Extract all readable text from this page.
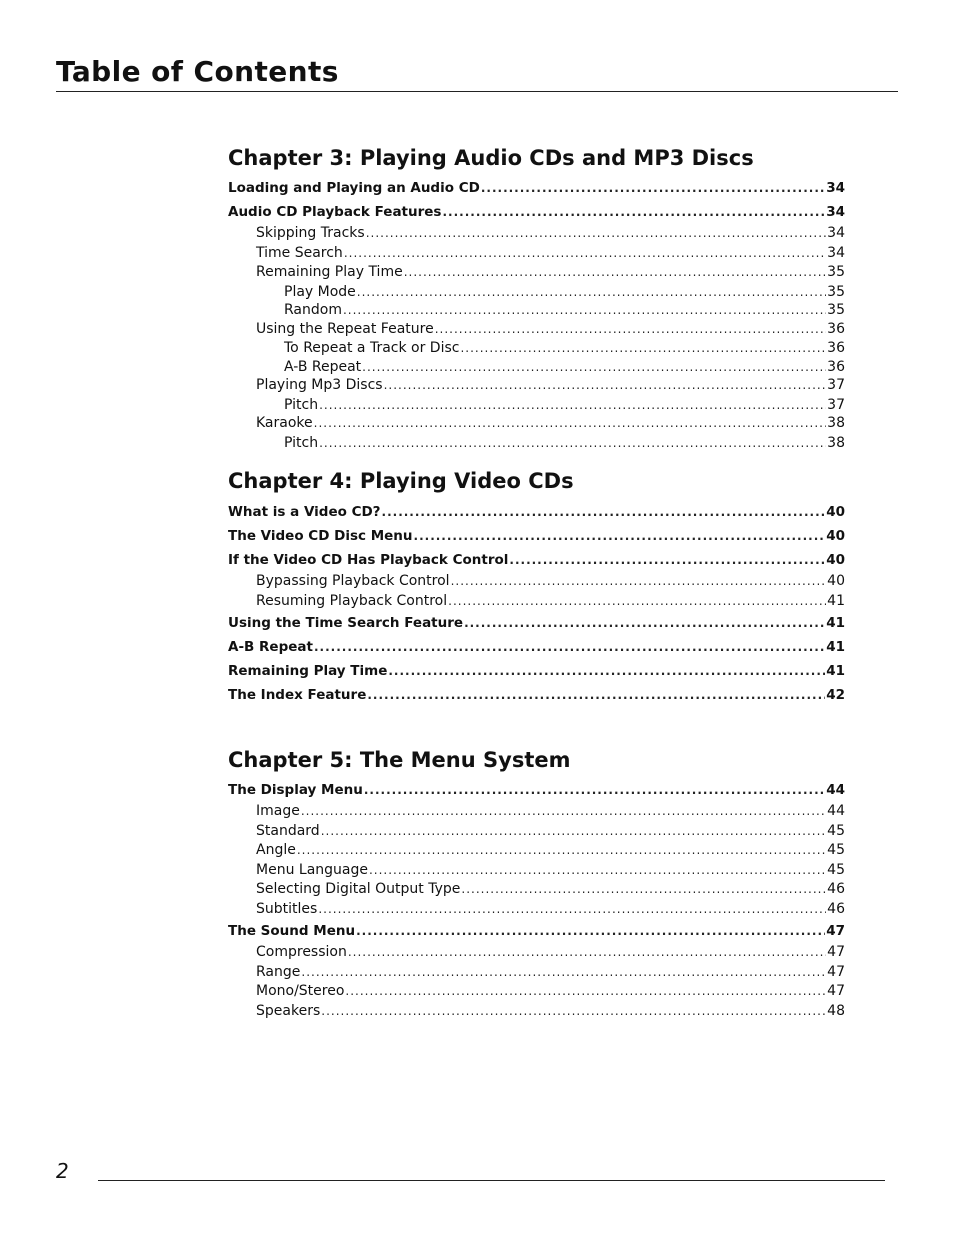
Table of Contents
Chapter 3: Playing Audio CDs and MP3 Discs
Loading and Playing an Audio CD .....	34
Audio CD Playback Features .....	34
Skipping Tracks .....	34
Time Search .....	34
Remaining Play Time .....	35
Play Mode .....	35
Random .....	35
Using the Repeat Feature .....	36
To Repeat a Track or Disc .....	36
A-B Repeat .....	36
Playing Mp3 Discs .....	37
Pitch .....	37
Karaoke .....	38
Pitch .....	38
Chapter 4: Playing Video CDs
What is a Video CD? .....	40
The Video CD Disc Menu .....	40
If the Video CD Has Playback Control .....	40
Bypassing Playback Control .....	40
Resuming Playback Control .....	41
Using the Time Search Feature .....	41
A-B Repeat .....	41
Remaining Play Time .....	41
The Index Feature .....	42
Chapter 5: The Menu System
The Display Menu .....	44
Image .....	44
Standard .....	45
Angle .....	45
Menu Language .....	45
Selecting Digital Output Type .....	46
Subtitles .....	46
The Sound Menu .....	47
Compression .....	47
Range .....	47
Mono/Stereo .....	47
Speakers .....	48
2
